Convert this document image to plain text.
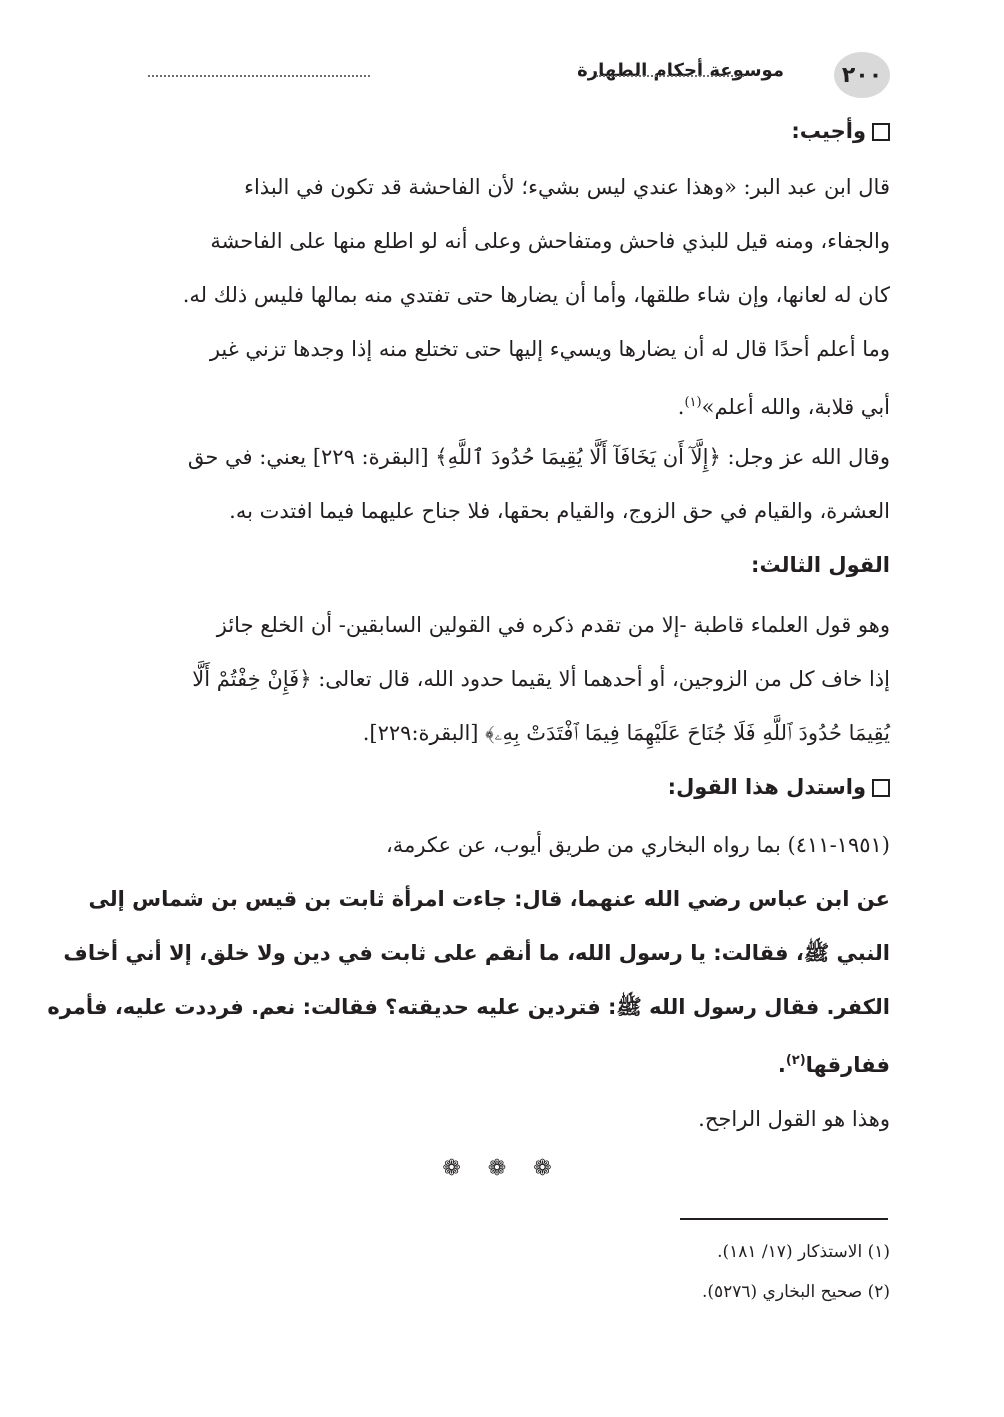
موسوعة أحكام الطهارة	٢٠٠
وأجيب:
قال ابن عبد البر: «وهذا عندي ليس بشيء؛ لأن الفاحشة قد تكون في البذاء
والجفاء، ومنه قيل للبذي فاحش ومتفاحش وعلى أنه لو اطلع منها على الفاحشة
كان له لعانها، وإن شاء طلقها، وأما أن يضارها حتى تفتدي منه بمالها فليس ذلك له.
وما أعلم أحدًا قال له أن يضارها ويسيء إليها حتى تختلع منه إذا وجدها تزني غير
أبي قلابة، والله أعلم»$^{(١)}$.
وقال الله عز وجل: ﴿إِلَّآ أَن يَخَافَآ أَلَّا يُقِيمَا حُدُودَ ٱللَّهِ﴾ [البقرة: ٢٢٩] يعني: في حق
العشرة، والقيام في حق الزوج، والقيام بحقها، فلا جناح عليهما فيما افتدت به.
القول الثالث:
وهو قول العلماء قاطبة -إلا من تقدم ذكره في القولين السابقين- أن الخلع جائز
إذا خاف كل من الزوجين، أو أحدهما ألا يقيما حدود الله، قال تعالى: ﴿فَإِنْ خِفْتُمْ أَلَّا
يُقِيمَا حُدُودَ ٱللَّهِ فَلَا جُنَاحَ عَلَيْهِمَا فِيمَا ٱفْتَدَتْ بِهِۦ﴾ [البقرة:٢٢٩].
واستدل هذا القول:
(١٩٥١-٤١١) بما رواه البخاري من طريق أيوب، عن عكرمة،
عن ابن عباس رضي الله عنهما، قال: جاءت امرأة ثابت بن قيس بن شماس إلى
النبي ﷺ، فقالت: يا رسول الله، ما أنقم على ثابت في دين ولا خلق، إلا أني أخاف
الكفر. فقال رسول الله ﷺ: فتردين عليه حديقته؟ فقالت: نعم. فرددت عليه، فأمره
ففارقها$^{(٢)}$.
وهذا هو القول الراجح.
❁ ❁ ❁
(١) الاستذكار (١٧/ ١٨١).
(٢) صحيح البخاري (٥٢٧٦).
